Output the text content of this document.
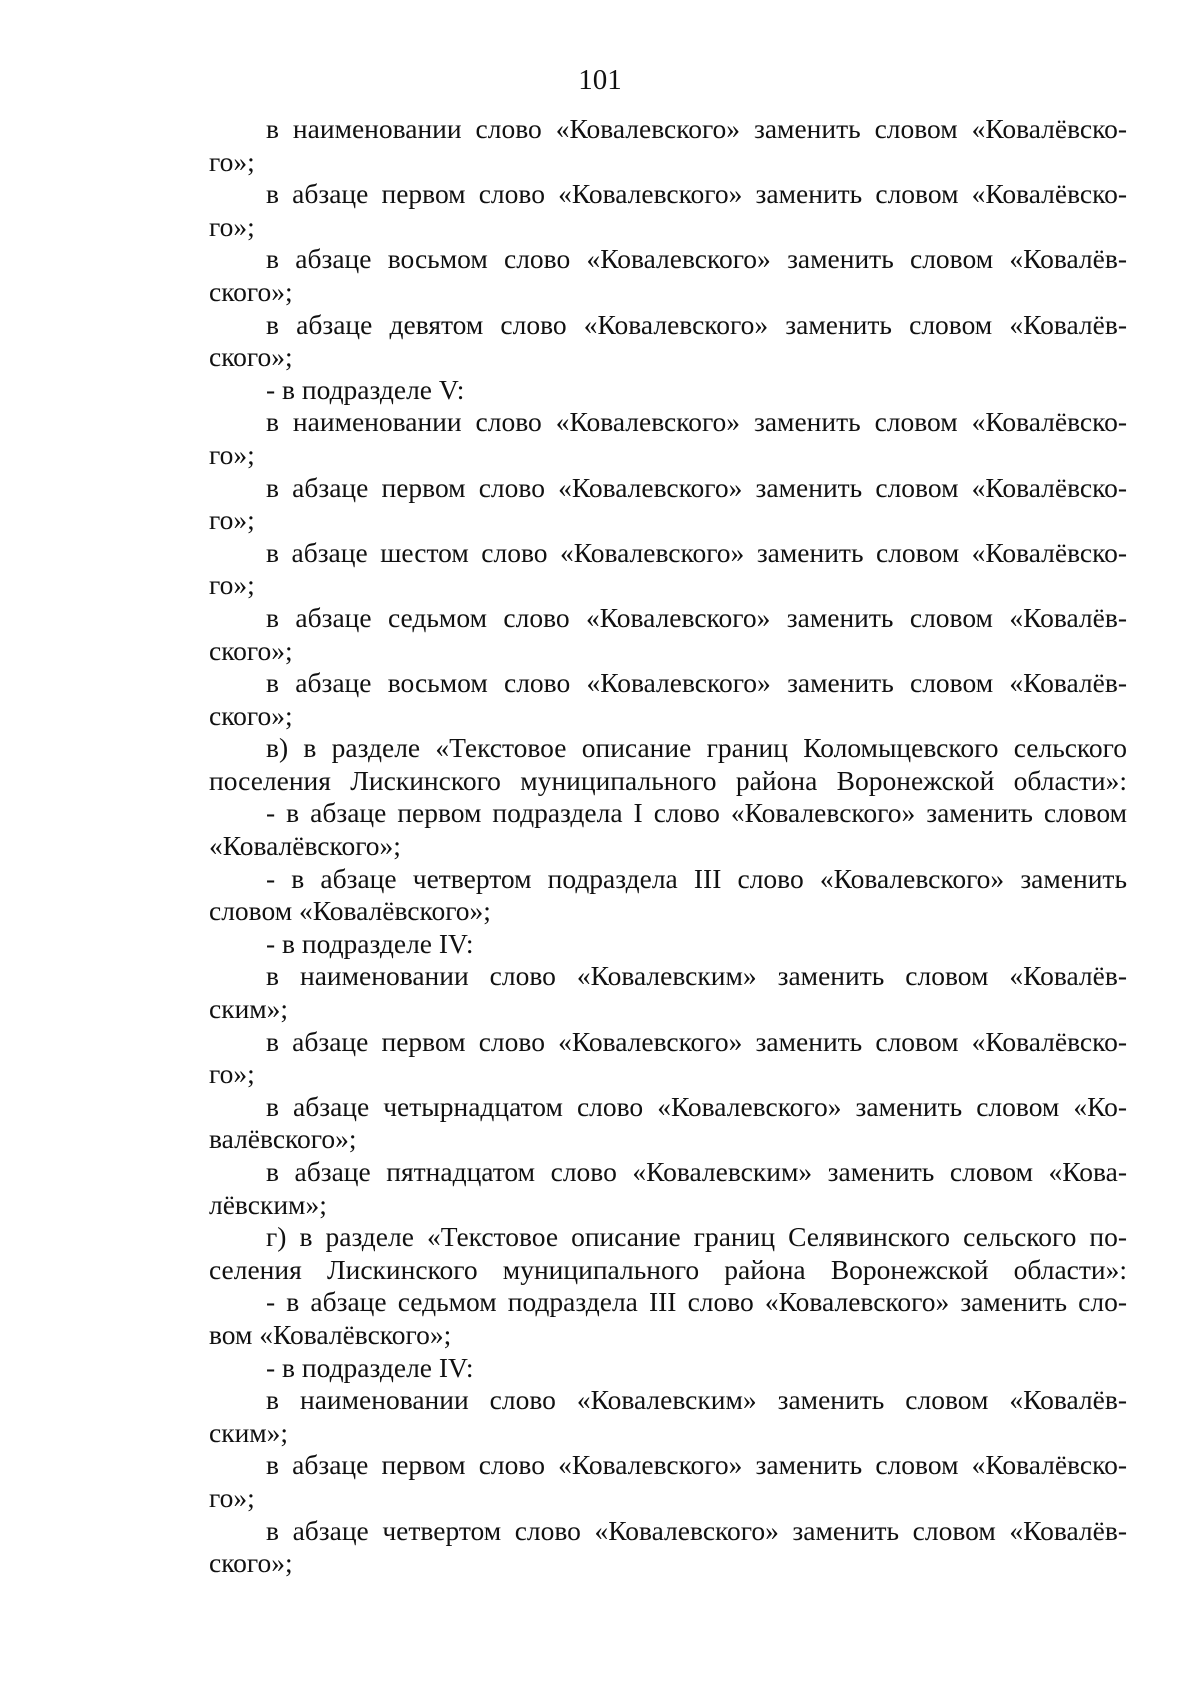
101
в наименовании слово «Ковалевского» заменить словом «Ковалёвско-
го»;
в абзаце первом слово «Ковалевского» заменить словом «Ковалёвско-
го»;
в абзаце восьмом слово «Ковалевского» заменить словом «Ковалёв-
ского»;
в абзаце девятом слово «Ковалевского» заменить словом «Ковалёв-
ского»;
- в подразделе V:
в наименовании слово «Ковалевского» заменить словом «Ковалёвско-
го»;
в абзаце первом слово «Ковалевского» заменить словом «Ковалёвско-
го»;
в абзаце шестом слово «Ковалевского» заменить словом «Ковалёвско-
го»;
в абзаце седьмом слово «Ковалевского» заменить словом «Ковалёв-
ского»;
в абзаце восьмом слово «Ковалевского» заменить словом «Ковалёв-
ского»;
в) в разделе «Текстовое описание границ Коломыцевского сельского
поселения Лискинского муниципального района Воронежской области»:
- в абзаце первом подраздела I слово «Ковалевского» заменить словом
«Ковалёвского»;
- в абзаце четвертом подраздела III слово «Ковалевского» заменить
словом «Ковалёвского»;
- в подразделе IV:
в наименовании слово «Ковалевским» заменить словом «Ковалёв-
ским»;
в абзаце первом слово «Ковалевского» заменить словом «Ковалёвско-
го»;
в абзаце четырнадцатом слово «Ковалевского» заменить словом «Ко-
валёвского»;
в абзаце пятнадцатом слово «Ковалевским» заменить словом «Кова-
лёвским»;
г) в разделе «Текстовое описание границ Селявинского сельского по-
селения Лискинского муниципального района Воронежской области»:
- в абзаце седьмом подраздела III слово «Ковалевского» заменить сло-
вом «Ковалёвского»;
- в подразделе IV:
в наименовании слово «Ковалевским» заменить словом «Ковалёв-
ским»;
в абзаце первом слово «Ковалевского» заменить словом «Ковалёвско-
го»;
в абзаце четвертом слово «Ковалевского» заменить словом «Ковалёв-
ского»;
